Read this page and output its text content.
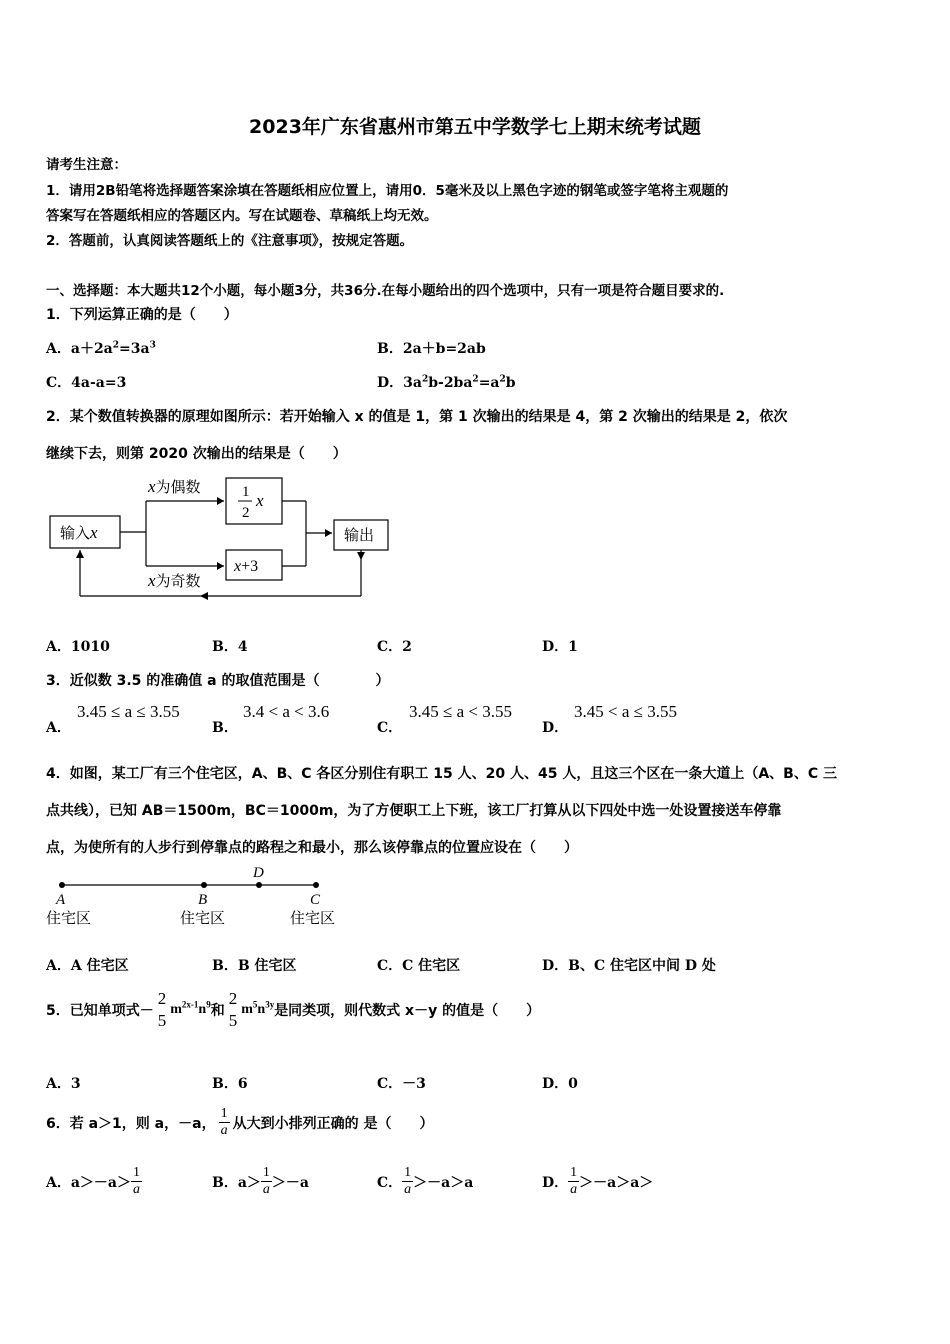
2023年广东省惠州市第五中学数学七上期末统考试题
请考生注意：
1．请用2B铅笔将选择题答案涂填在答题纸相应位置上，请用0．5毫米及以上黑色字迹的钢笔或签字笔将主观题的
答案写在答题纸相应的答题区内。写在试题卷、草稿纸上均无效。
2．答题前，认真阅读答题纸上的《注意事项》，按规定答题。
一、选择题：本大题共12个小题，每小题3分，共36分.在每小题给出的四个选项中，只有一项是符合题目要求的.
1．下列运算正确的是（　　）
A．$a+2a^2=3a^3$	B．2a＋b=2ab
C．4a-a=3	D．$3a^2b-2ba^2=a^2b$
2．某个数值转换器的原理如图所示：若开始输入 x 的值是 1，第 1 次输出的结果是 4，第 2 次输出的结果是 2，依次
继续下去，则第 2020 次输出的结果是（　　）
输入x
x为偶数
x为奇数
1
2
x
x+3
输出
A．1010	B．4	C．2	D．1
3．近似数 3.5 的准确值 a 的取值范围是（　　　　）
A．
3.45 ≤ a ≤ 3.55
B．
3.4 < a < 3.6
C．
3.45 ≤ a < 3.55
D．
3.45 < a ≤ 3.55
4．如图，某工厂有三个住宅区，A、B、C 各区分别住有职工 15 人、20 人、45 人，且这三个区在一条大道上（A、B、C 三
点共线），已知 AB＝1500m，BC＝1000m，为了方便职工上下班，该工厂打算从以下四处中选一处设置接送车停靠
点，为使所有的人步行到停靠点的路程之和最小，那么该停靠点的位置应设在（　　）
A	B
D
C
住宅区	住宅区	住宅区
A．A 住宅区	B．B 住宅区	C．C 住宅区	D．B、C 住宅区中间 D 处
5．已知单项式－
2
5
$m^{2x-1}n^9$ 和
2
5
$m^5n^{3y}$ 是同类项，则代数式 x－y 的值是（　　）
A．3	B．6	C．－3	D．0
6．若 a＞1，则 a，－a， $\frac{1}{a}$ 从大到小排列正确的 是（　　）
A．$a>-a> \frac{1}{a}$	B．$a> \frac{1}{a} >-a$	C． $\frac{1}{a} >-a>a$	D． $\frac{1}{a} >-a>a>$
